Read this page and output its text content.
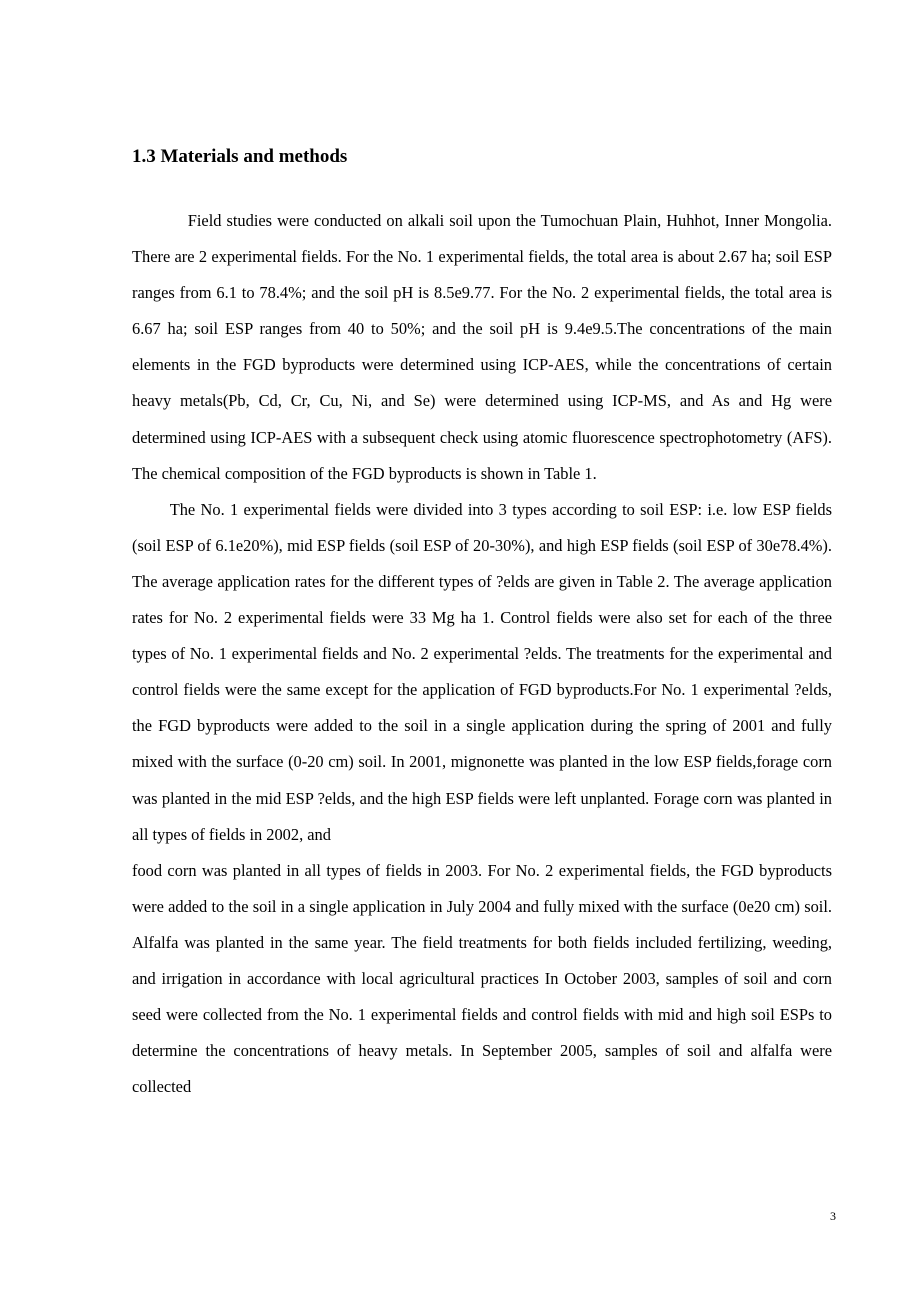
1.3 Materials and methods

Field studies were conducted on alkali soil upon the Tumochuan Plain, Huhhot, Inner Mongolia. There are 2 experimental fields. For the No. 1 experimental fields, the total area is about 2.67 ha; soil ESP ranges from 6.1 to 78.4%; and the soil pH is 8.5e9.77. For the No. 2 experimental fields, the total area is 6.67 ha; soil ESP ranges from 40 to 50%; and the soil pH is 9.4e9.5.The concentrations of the main elements in the FGD byproducts were determined using ICP-AES, while the concentrations of certain heavy metals(Pb, Cd, Cr, Cu, Ni, and Se) were determined using ICP-MS, and As and Hg were determined using ICP-AES with a subsequent check using atomic fluorescence spectrophotometry (AFS). The chemical composition of the FGD byproducts is shown in Table 1.

The No. 1 experimental fields were divided into 3 types according to soil ESP: i.e. low ESP fields (soil ESP of 6.1e20%), mid ESP fields (soil ESP of 20-30%), and high ESP fields (soil ESP of 30e78.4%). The average application rates for the different types of ?elds are given in Table 2. The average application rates for No. 2 experimental fields were 33 Mg ha 1. Control fields were also set for each of the three types of No. 1 experimental fields and No. 2 experimental ?elds. The treatments for the experimental and control fields were the same except for the application of FGD byproducts.For No. 1 experimental ?elds, the FGD byproducts were added to the soil in a single application during the spring of 2001 and fully mixed with the surface (0-20 cm) soil. In 2001, mignonette was planted in the low ESP fields,forage corn was planted in the mid ESP ?elds, and the high ESP fields were left unplanted. Forage corn was planted in all types of fields in 2002, and

food corn was planted in all types of fields in 2003. For No. 2 experimental fields, the FGD byproducts were added to the soil in a single application in July 2004 and fully mixed with the surface (0e20 cm) soil. Alfalfa was planted in the same year. The field treatments for both fields included fertilizing, weeding, and irrigation in accordance with local agricultural practices In October 2003, samples of soil and corn seed were collected from the No. 1 experimental fields and control fields with mid and high soil ESPs to determine the concentrations of heavy metals. In September 2005, samples of soil and alfalfa were collected

3
